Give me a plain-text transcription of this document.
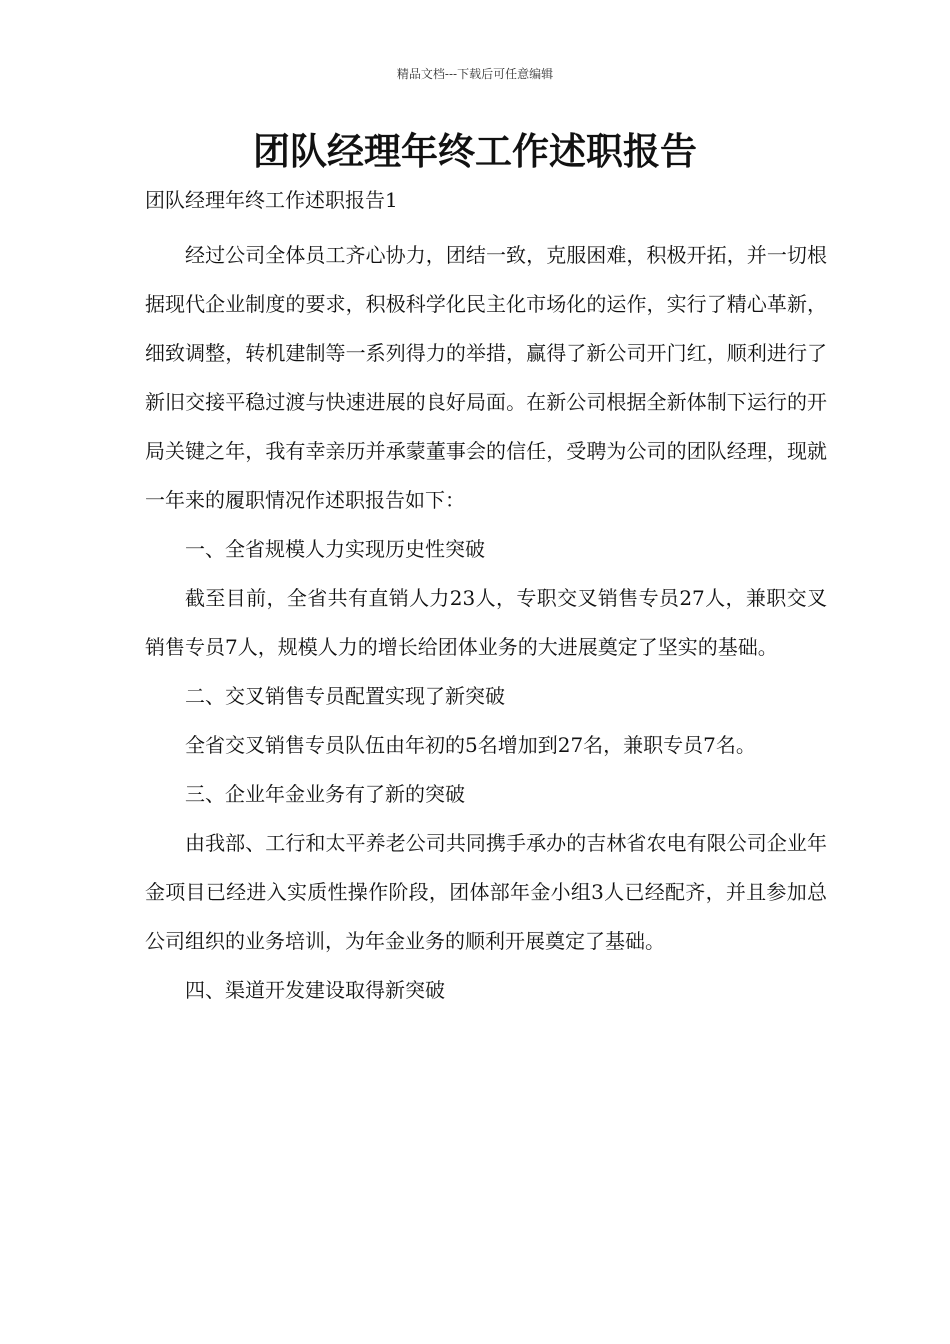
精品文档---下载后可任意编辑
团队经理年终工作述职报告

团队经理年终工作述职报告1

经过公司全体员工齐心协力，团结一致，克服困难，积极开拓，并一切根据现代企业制度的要求，积极科学化民主化市场化的运作，实行了精心革新，细致调整，转机建制等一系列得力的举措，赢得了新公司开门红，顺利进行了新旧交接平稳过渡与快速进展的良好局面。在新公司根据全新体制下运行的开局关键之年，我有幸亲历并承蒙董事会的信任，受聘为公司的团队经理，现就一年来的履职情况作述职报告如下：

一、全省规模人力实现历史性突破

截至目前，全省共有直销人力23人，专职交叉销售专员27人，兼职交叉销售专员7人，规模人力的增长给团体业务的大进展奠定了坚实的基础。

二、交叉销售专员配置实现了新突破

全省交叉销售专员队伍由年初的5名增加到27名，兼职专员7名。

三、企业年金业务有了新的突破

由我部、工行和太平养老公司共同携手承办的吉林省农电有限公司企业年金项目已经进入实质性操作阶段，团体部年金小组3人已经配齐，并且参加总公司组织的业务培训，为年金业务的顺利开展奠定了基础。

四、渠道开发建设取得新突破
